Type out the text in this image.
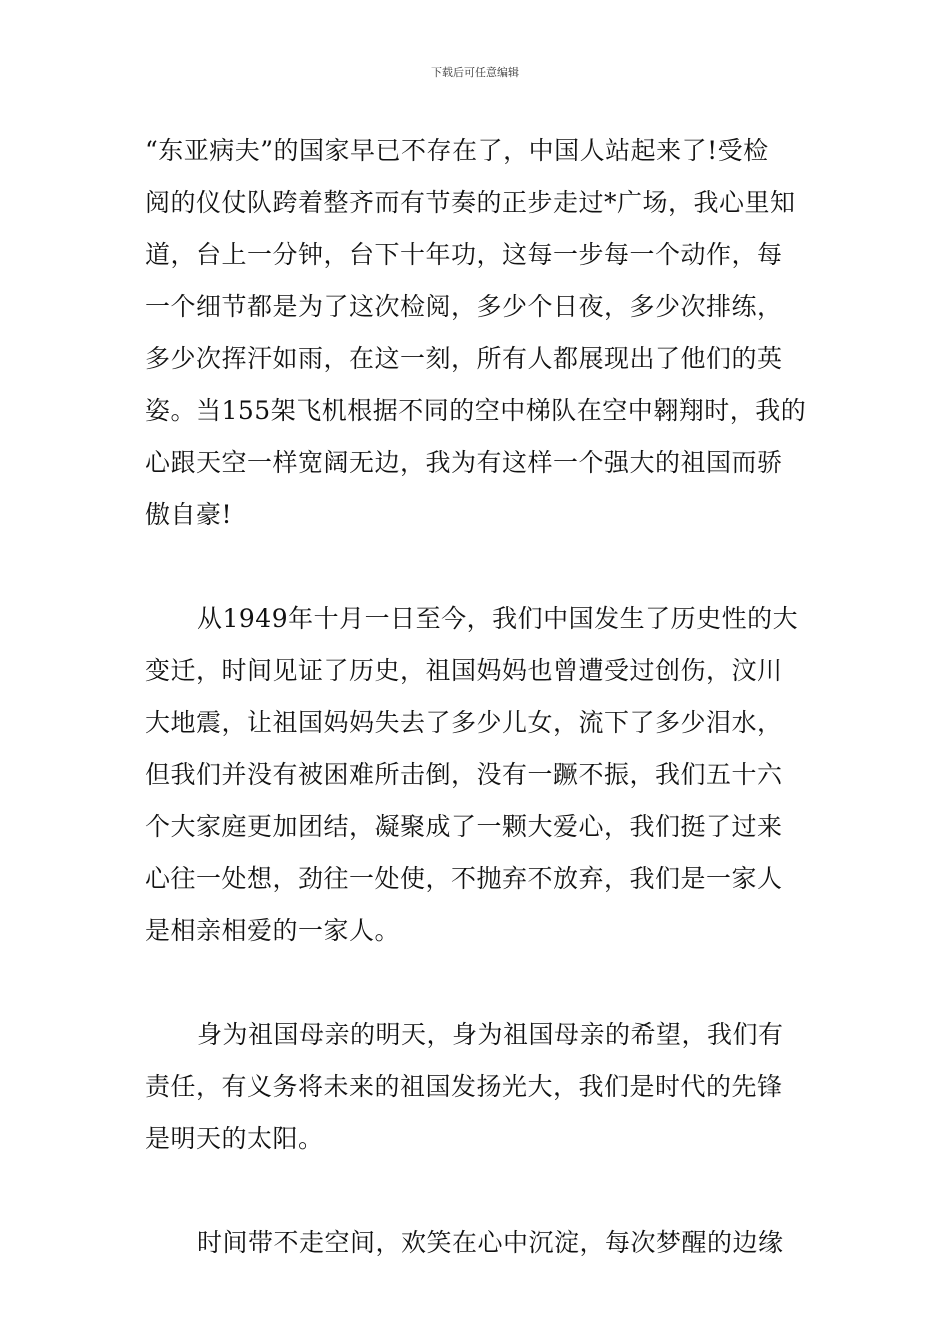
下载后可任意编辑
“东亚病夫”的国家早已不存在了，中国人站起来了!受检
阅的仪仗队跨着整齐而有节奏的正步走过*广场，我心里知
道，台上一分钟，台下十年功，这每一步每一个动作，每
一个细节都是为了这次检阅，多少个日夜，多少次排练，
多少次挥汗如雨，在这一刻，所有人都展现出了他们的英
姿。当155架飞机根据不同的空中梯队在空中翱翔时，我的
心跟天空一样宽阔无边，我为有这样一个强大的祖国而骄
傲自豪!
从1949年十月一日至今，我们中国发生了历史性的大
变迁，时间见证了历史，祖国妈妈也曾遭受过创伤，汶川
大地震，让祖国妈妈失去了多少儿女，流下了多少泪水，
但我们并没有被困难所击倒，没有一蹶不振，我们五十六
个大家庭更加团结，凝聚成了一颗大爱心，我们挺了过来
心往一处想，劲往一处使，不抛弃不放弃，我们是一家人
是相亲相爱的一家人。
身为祖国母亲的明天，身为祖国母亲的希望，我们有
责任，有义务将未来的祖国发扬光大，我们是时代的先锋
是明天的太阳。
时间带不走空间，欢笑在心中沉淀，每次梦醒的边缘
